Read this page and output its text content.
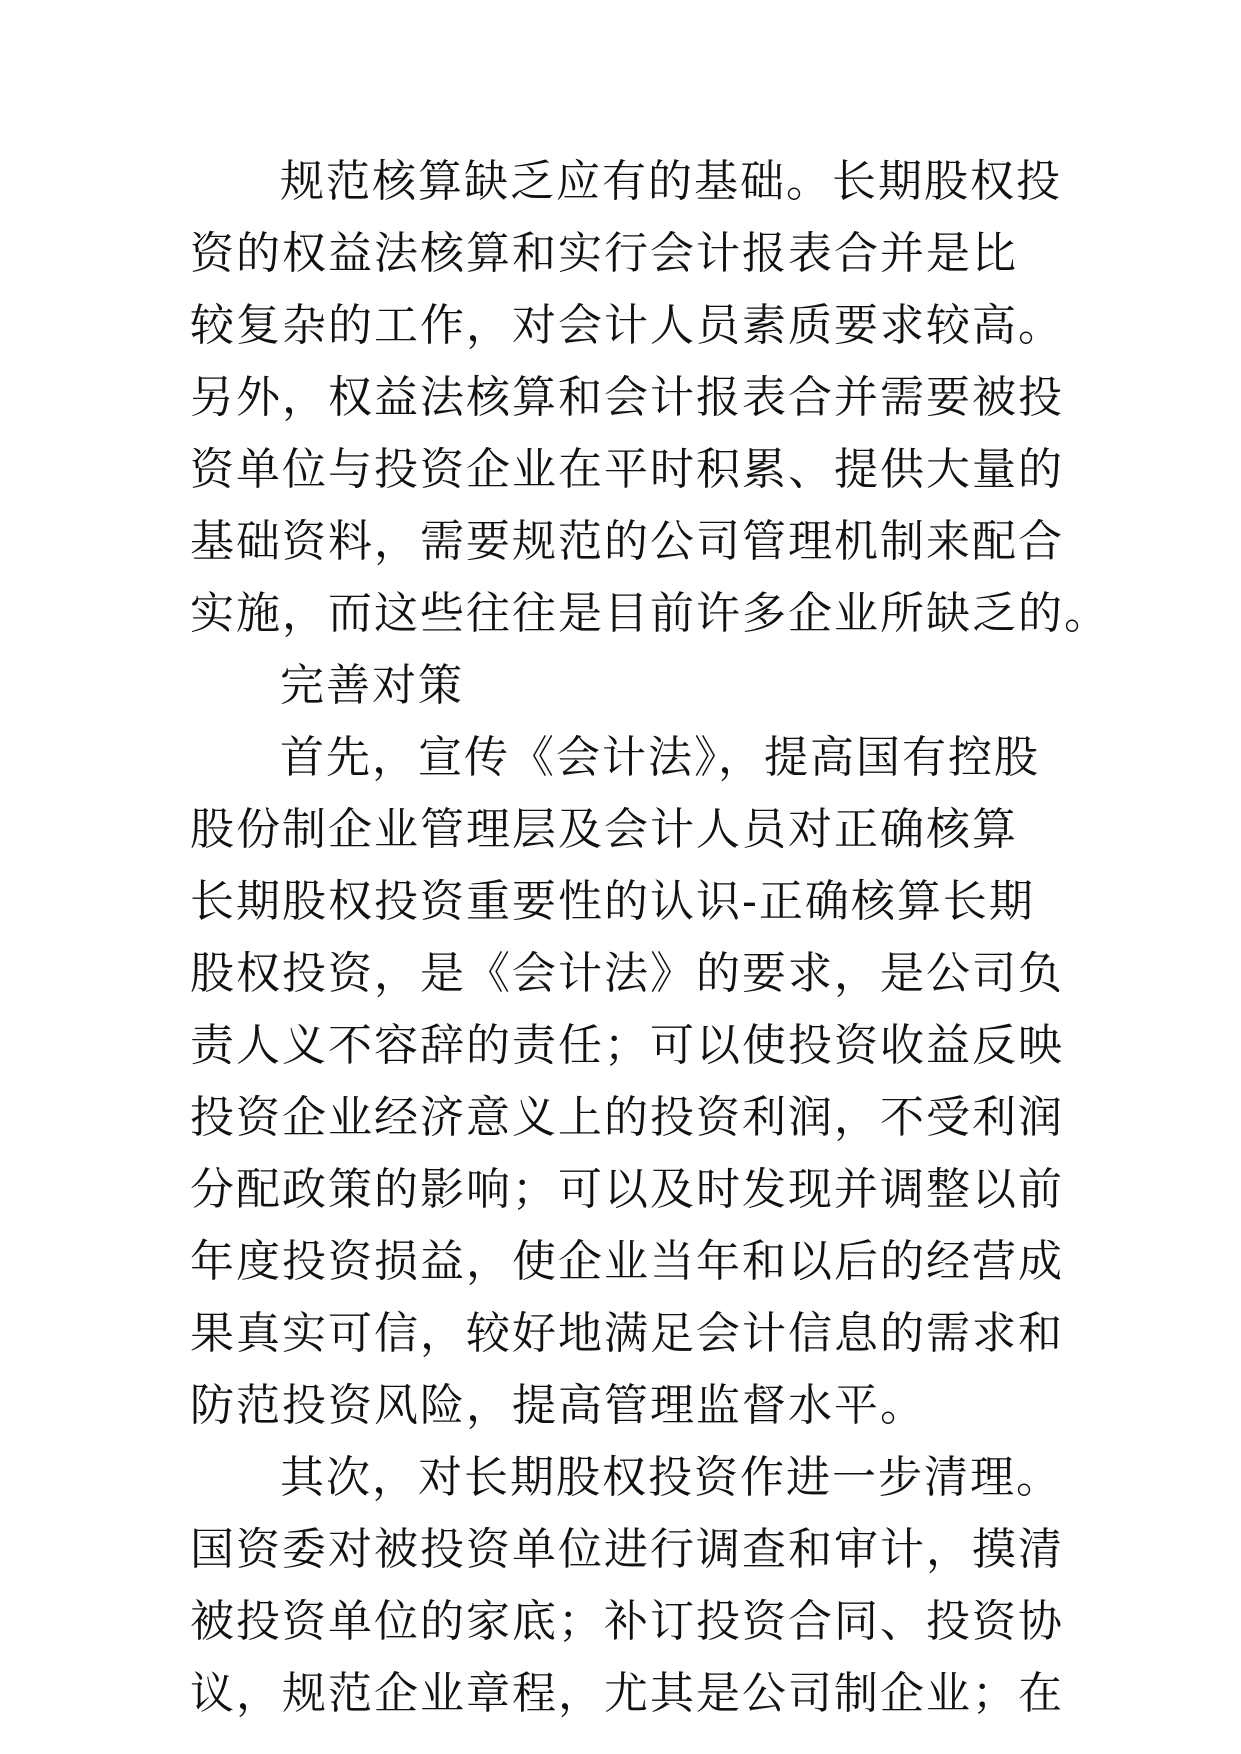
规范核算缺乏应有的基础。长期股权投
资的权益法核算和实行会计报表合并是比
较复杂的工作，对会计人员素质要求较高。
另外，权益法核算和会计报表合并需要被投
资单位与投资企业在平时积累、提供大量的
基础资料，需要规范的公司管理机制来配合
实施，而这些往往是目前许多企业所缺乏的。
完善对策
首先，宣传《会计法》，提高国有控股
股份制企业管理层及会计人员对正确核算
长期股权投资重要性的认识-正确核算长期
股权投资，是《会计法》的要求，是公司负
责人义不容辞的责任；可以使投资收益反映
投资企业经济意义上的投资利润，不受利润
分配政策的影响；可以及时发现并调整以前
年度投资损益，使企业当年和以后的经营成
果真实可信，较好地满足会计信息的需求和
防范投资风险，提高管理监督水平。
其次，对长期股权投资作进一步清理。
国资委对被投资单位进行调查和审计，摸清
被投资单位的家底；补订投资合同、投资协
议，规范企业章程，尤其是公司制企业；在
